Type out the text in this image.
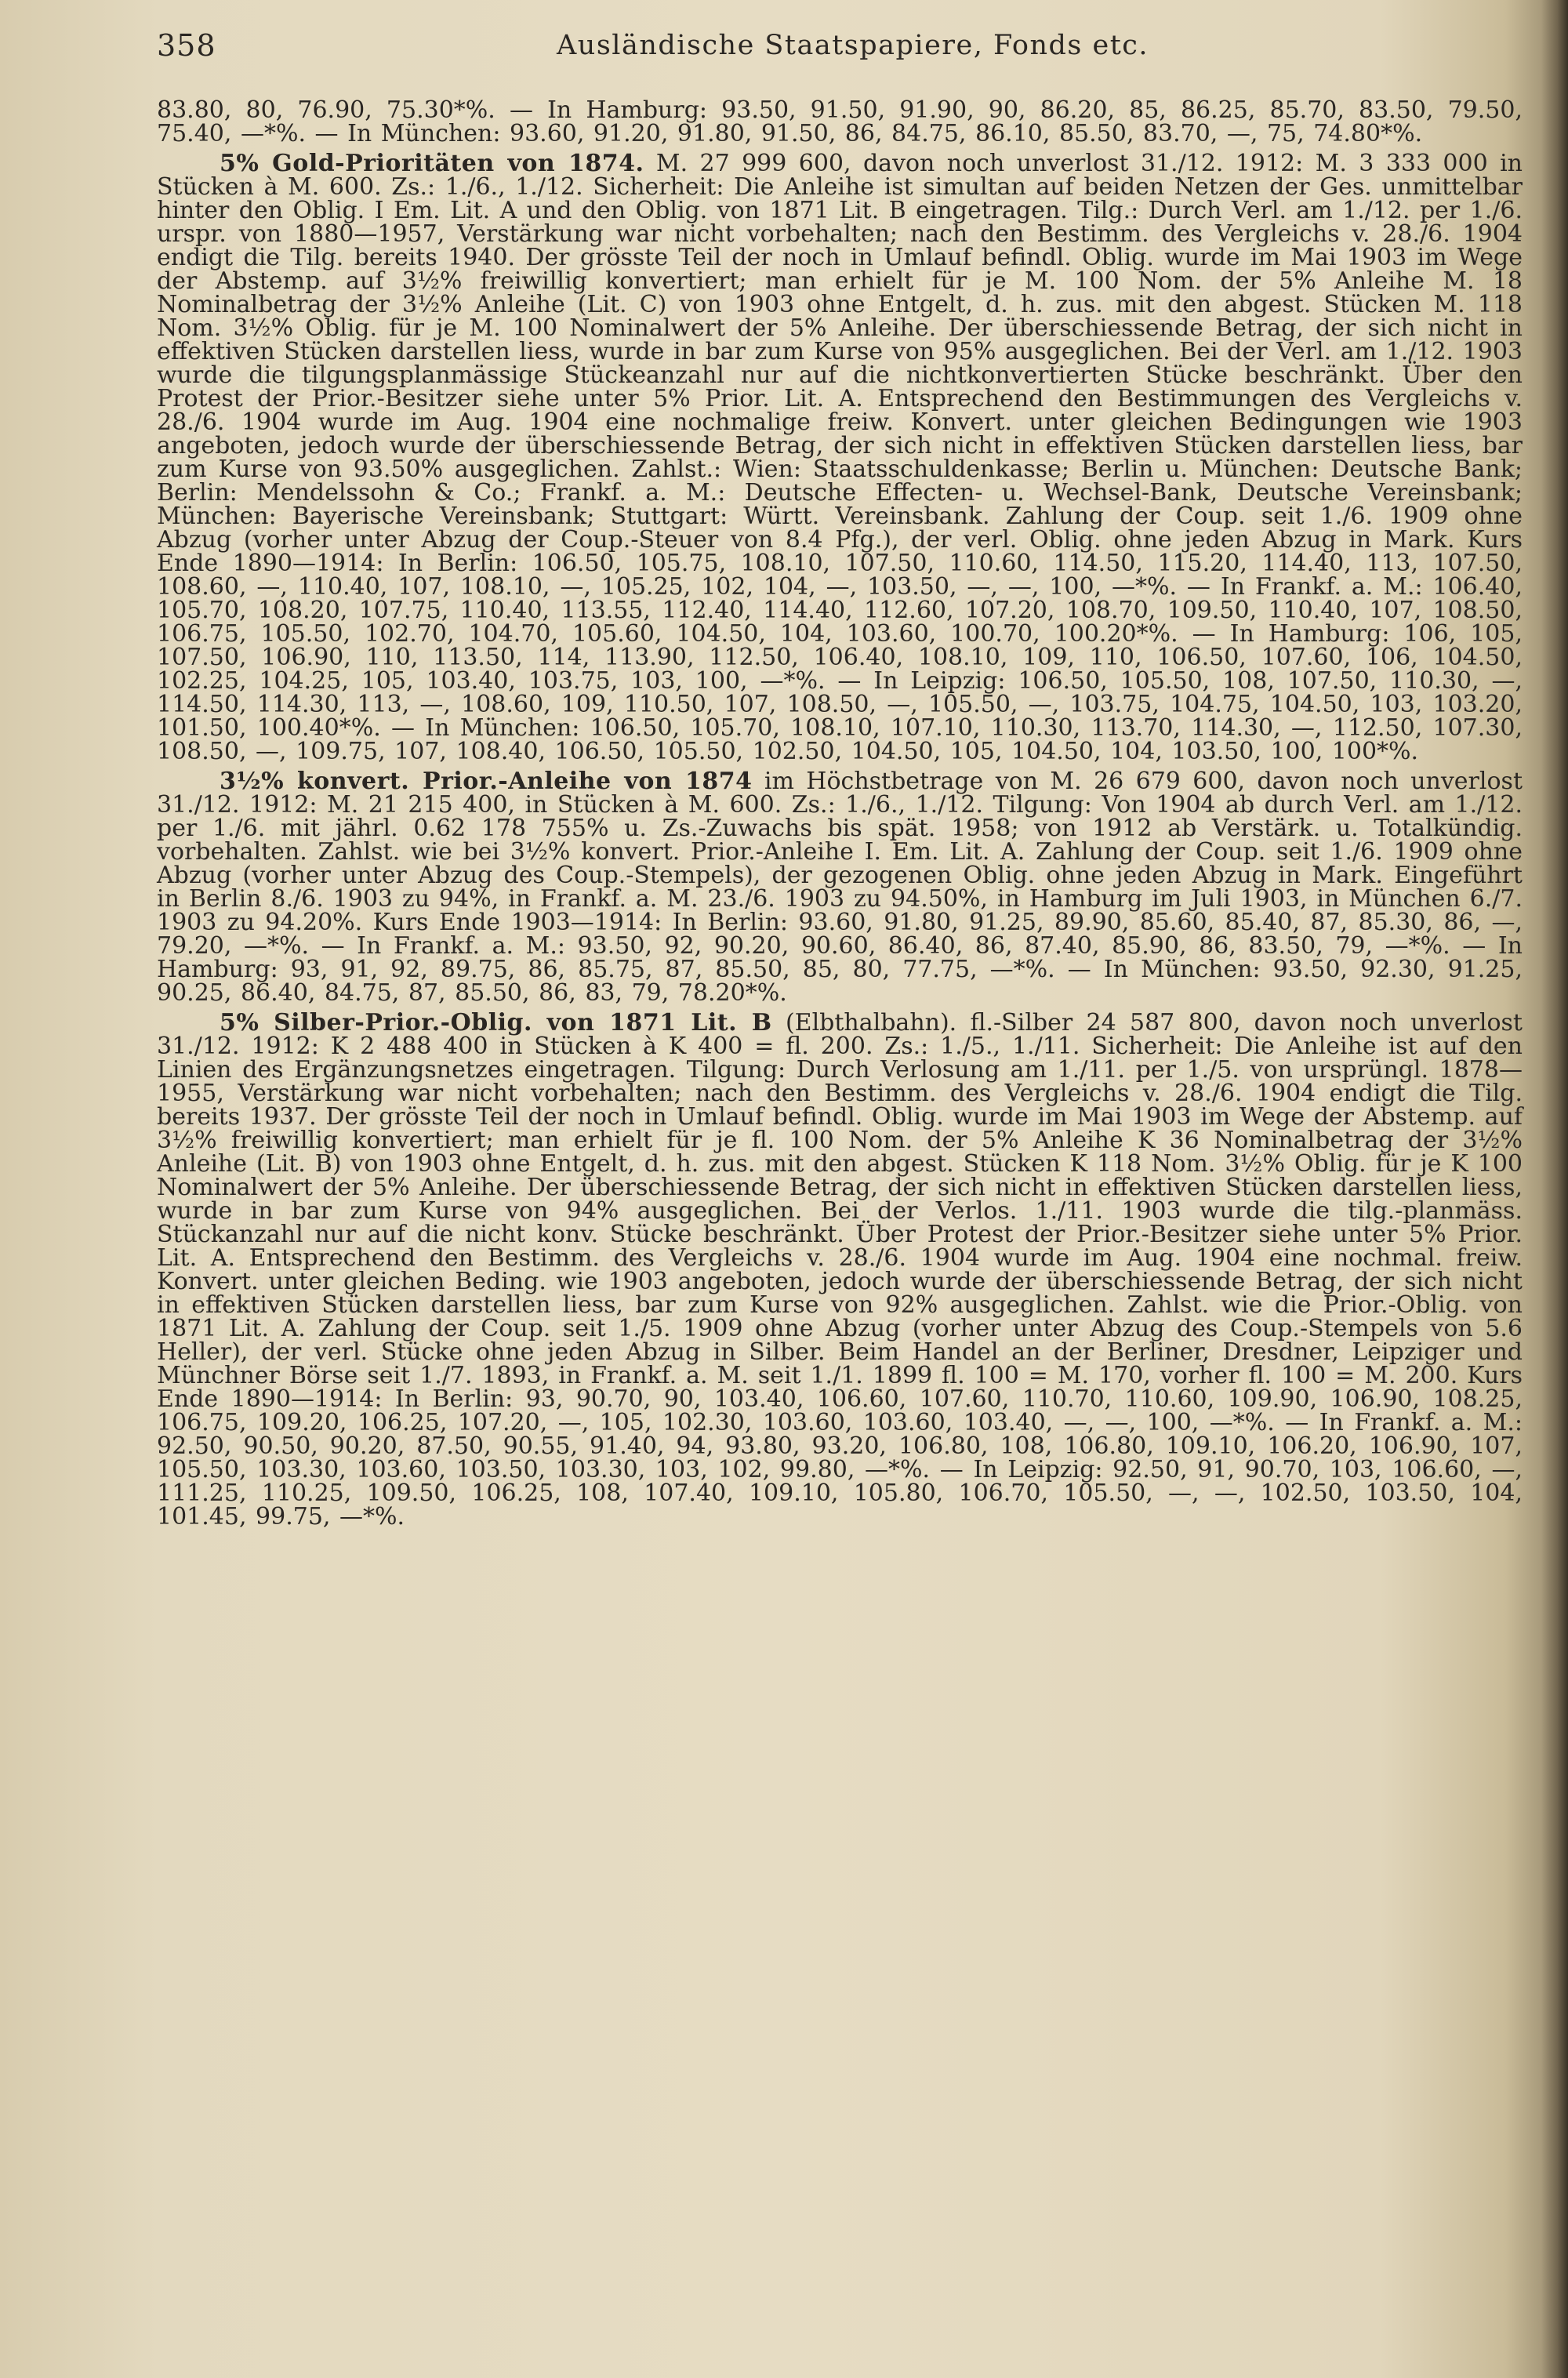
358	Ausländische Staatspapiere, Fonds etc.

83.80, 80, 76.90, 75.30*%. — In Hamburg: 93.50, 91.50, 91.90, 90, 86.20, 85, 86.25, 85.70, 83.50, 79.50, 75.40, —*%. — In München: 93.60, 91.20, 91.80, 91.50, 86, 84.75, 86.10, 85.50, 83.70, —, 75, 74.80*%.

5% Gold-Prioritäten von 1874. M. 27 999 600, davon noch unverlost 31./12. 1912: M. 3 333 000 in Stücken à M. 600. Zs.: 1./6., 1./12. Sicherheit: Die Anleihe ist simultan auf beiden Netzen der Ges. unmittelbar hinter den Oblig. I Em. Lit. A und den Oblig. von 1871 Lit. B eingetragen. Tilg.: Durch Verl. am 1./12. per 1./6. urspr. von 1880—1957, Verstärkung war nicht vorbehalten; nach den Bestimm. des Vergleichs v. 28./6. 1904 endigt die Tilg. bereits 1940. Der grösste Teil der noch in Umlauf befindl. Oblig. wurde im Mai 1903 im Wege der Abstemp. auf 3½% freiwillig konvertiert; man erhielt für je M. 100 Nom. der 5% Anleihe M. 18 Nominalbetrag der 3½% Anleihe (Lit. C) von 1903 ohne Entgelt, d. h. zus. mit den abgest. Stücken M. 118 Nom. 3½% Oblig. für je M. 100 Nominalwert der 5% Anleihe. Der überschiessende Betrag, der sich nicht in effektiven Stücken darstellen liess, wurde in bar zum Kurse von 95% ausgeglichen. Bei der Verl. am 1./12. 1903 wurde die tilgungsplanmässige Stückeanzahl nur auf die nichtkonvertierten Stücke beschränkt. Über den Protest der Prior.-Besitzer siehe unter 5% Prior. Lit. A. Entsprechend den Bestimmungen des Vergleichs v. 28./6. 1904 wurde im Aug. 1904 eine nochmalige freiw. Konvert. unter gleichen Bedingungen wie 1903 angeboten, jedoch wurde der überschiessende Betrag, der sich nicht in effektiven Stücken darstellen liess, bar zum Kurse von 93.50% ausgeglichen. Zahlst.: Wien: Staatsschuldenkasse; Berlin u. München: Deutsche Bank; Berlin: Mendelssohn & Co.; Frankf. a. M.: Deutsche Effecten- u. Wechsel-Bank, Deutsche Vereinsbank; München: Bayerische Vereinsbank; Stuttgart: Württ. Vereinsbank. Zahlung der Coup. seit 1./6. 1909 ohne Abzug (vorher unter Abzug der Coup.-Steuer von 8.4 Pfg.), der verl. Oblig. ohne jeden Abzug in Mark. Kurs Ende 1890—1914: In Berlin: 106.50, 105.75, 108.10, 107.50, 110.60, 114.50, 115.20, 114.40, 113, 107.50, 108.60, —, 110.40, 107, 108.10, —, 105.25, 102, 104, —, 103.50, —, —, 100, —*%. — In Frankf. a. M.: 106.40, 105.70, 108.20, 107.75, 110.40, 113.55, 112.40, 114.40, 112.60, 107.20, 108.70, 109.50, 110.40, 107, 108.50, 106.75, 105.50, 102.70, 104.70, 105.60, 104.50, 104, 103.60, 100.70, 100.20*%. — In Hamburg: 106, 105, 107.50, 106.90, 110, 113.50, 114, 113.90, 112.50, 106.40, 108.10, 109, 110, 106.50, 107.60, 106, 104.50, 102.25, 104.25, 105, 103.40, 103.75, 103, 100, —*%. — In Leipzig: 106.50, 105.50, 108, 107.50, 110.30, —, 114.50, 114.30, 113, —, 108.60, 109, 110.50, 107, 108.50, —, 105.50, —, 103.75, 104.75, 104.50, 103, 103.20, 101.50, 100.40*%. — In München: 106.50, 105.70, 108.10, 107.10, 110.30, 113.70, 114.30, —, 112.50, 107.30, 108.50, —, 109.75, 107, 108.40, 106.50, 105.50, 102.50, 104.50, 105, 104.50, 104, 103.50, 100, 100*%.

3½% konvert. Prior.-Anleihe von 1874 im Höchstbetrage von M. 26 679 600, davon noch unverlost 31./12. 1912: M. 21 215 400, in Stücken à M. 600. Zs.: 1./6., 1./12. Tilgung: Von 1904 ab durch Verl. am 1./12. per 1./6. mit jährl. 0.62 178 755% u. Zs.-Zuwachs bis spät. 1958; von 1912 ab Verstärk. u. Totalkündig. vorbehalten. Zahlst. wie bei 3½% konvert. Prior.-Anleihe I. Em. Lit. A. Zahlung der Coup. seit 1./6. 1909 ohne Abzug (vorher unter Abzug des Coup.-Stempels), der gezogenen Oblig. ohne jeden Abzug in Mark. Eingeführt in Berlin 8./6. 1903 zu 94%, in Frankf. a. M. 23./6. 1903 zu 94.50%, in Hamburg im Juli 1903, in München 6./7. 1903 zu 94.20%. Kurs Ende 1903—1914: In Berlin: 93.60, 91.80, 91.25, 89.90, 85.60, 85.40, 87, 85.30, 86, —, 79.20, —*%. — In Frankf. a. M.: 93.50, 92, 90.20, 90.60, 86.40, 86, 87.40, 85.90, 86, 83.50, 79, —*%. — In Hamburg: 93, 91, 92, 89.75, 86, 85.75, 87, 85.50, 85, 80, 77.75, —*%. — In München: 93.50, 92.30, 91.25, 90.25, 86.40, 84.75, 87, 85.50, 86, 83, 79, 78.20*%.

5% Silber-Prior.-Oblig. von 1871 Lit. B (Elbthalbahn). fl.-Silber 24 587 800, davon noch unverlost 31./12. 1912: K 2 488 400 in Stücken à K 400 = fl. 200. Zs.: 1./5., 1./11. Sicherheit: Die Anleihe ist auf den Linien des Ergänzungsnetzes eingetragen. Tilgung: Durch Verlosung am 1./11. per 1./5. von ursprüngl. 1878—1955, Verstärkung war nicht vorbehalten; nach den Bestimm. des Vergleichs v. 28./6. 1904 endigt die Tilg. bereits 1937. Der grösste Teil der noch in Umlauf befindl. Oblig. wurde im Mai 1903 im Wege der Abstemp. auf 3½% freiwillig konvertiert; man erhielt für je fl. 100 Nom. der 5% Anleihe K 36 Nominalbetrag der 3½% Anleihe (Lit. B) von 1903 ohne Entgelt, d. h. zus. mit den abgest. Stücken K 118 Nom. 3½% Oblig. für je K 100 Nominalwert der 5% Anleihe. Der überschiessende Betrag, der sich nicht in effektiven Stücken darstellen liess, wurde in bar zum Kurse von 94% ausgeglichen. Bei der Verlos. 1./11. 1903 wurde die tilg.-planmäss. Stückanzahl nur auf die nicht konv. Stücke beschränkt. Über Protest der Prior.-Besitzer siehe unter 5% Prior. Lit. A. Entsprechend den Bestimm. des Vergleichs v. 28./6. 1904 wurde im Aug. 1904 eine nochmal. freiw. Konvert. unter gleichen Beding. wie 1903 angeboten, jedoch wurde der überschiessende Betrag, der sich nicht in effektiven Stücken darstellen liess, bar zum Kurse von 92% ausgeglichen. Zahlst. wie die Prior.-Oblig. von 1871 Lit. A. Zahlung der Coup. seit 1./5. 1909 ohne Abzug (vorher unter Abzug des Coup.-Stempels von 5.6 Heller), der verl. Stücke ohne jeden Abzug in Silber. Beim Handel an der Berliner, Dresdner, Leipziger und Münchner Börse seit 1./7. 1893, in Frankf. a. M. seit 1./1. 1899 fl. 100 = M. 170, vorher fl. 100 = M. 200. Kurs Ende 1890—1914: In Berlin: 93, 90.70, 90, 103.40, 106.60, 107.60, 110.70, 110.60, 109.90, 106.90, 108.25, 106.75, 109.20, 106.25, 107.20, —, 105, 102.30, 103.60, 103.60, 103.40, —, —, 100, —*%. — In Frankf. a. M.: 92.50, 90.50, 90.20, 87.50, 90.55, 91.40, 94, 93.80, 93.20, 106.80, 108, 106.80, 109.10, 106.20, 106.90, 107, 105.50, 103.30, 103.60, 103.50, 103.30, 103, 102, 99.80, —*%. — In Leipzig: 92.50, 91, 90.70, 103, 106.60, —, 111.25, 110.25, 109.50, 106.25, 108, 107.40, 109.10, 105.80, 106.70, 105.50, —, —, 102.50, 103.50, 104, 101.45, 99.75, —*%.
